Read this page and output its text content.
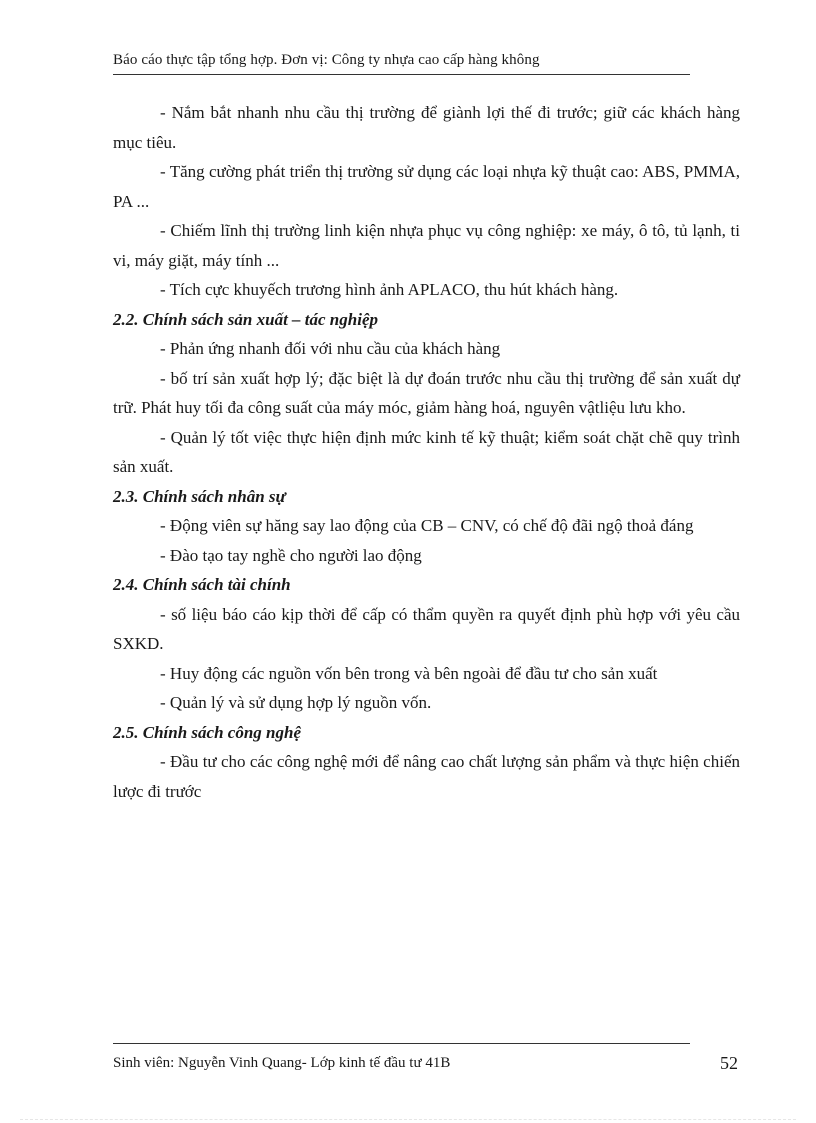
Báo cáo thực tập tổng hợp. Đơn vị: Công ty nhựa cao cấp hàng không

- Nắm bắt nhanh nhu cầu thị trường để giành lợi thế đi trước; giữ các khách hàng mục tiêu.

- Tăng cường phát triển thị trường sử dụng các loại nhựa kỹ thuật cao: ABS, PMMA, PA ...

- Chiếm lĩnh thị trường linh kiện nhựa phục vụ công nghiệp: xe máy, ô tô, tủ lạnh, ti vi, máy giặt, máy tính ...

- Tích cực khuyếch trương hình ảnh APLACO, thu hút khách hàng.

2.2. Chính sách sản xuất – tác nghiệp

- Phản ứng nhanh đối với nhu cầu của khách hàng

- bố trí sản xuất hợp lý; đặc biệt là dự đoán trước nhu cầu thị trường để sản xuất dự trữ. Phát huy tối đa công suất của máy móc, giảm hàng hoá, nguyên vậtliệu lưu kho.

- Quản lý tốt việc thực hiện định mức kinh tế kỹ thuật; kiểm soát chặt chẽ quy trình sản xuất.

2.3. Chính sách nhân sự

- Động viên sự hăng say lao động của CB – CNV, có chế độ đãi ngộ thoả đáng

- Đào tạo tay nghề cho người lao động

2.4. Chính sách tài chính

- số liệu báo cáo kịp thời để cấp có thẩm quyền ra quyết định phù hợp với yêu cầu SXKD.

- Huy động các nguồn vốn bên trong và bên ngoài để đầu tư cho sản xuất

- Quản lý và sử dụng hợp lý nguồn vốn.

2.5. Chính sách công nghệ

- Đầu tư cho các công nghệ mới để nâng cao chất lượng sản phẩm và thực hiện chiến lược đi trước

Sinh viên: Nguyễn Vinh Quang- Lớp kinh tế đầu tư 41B	52
